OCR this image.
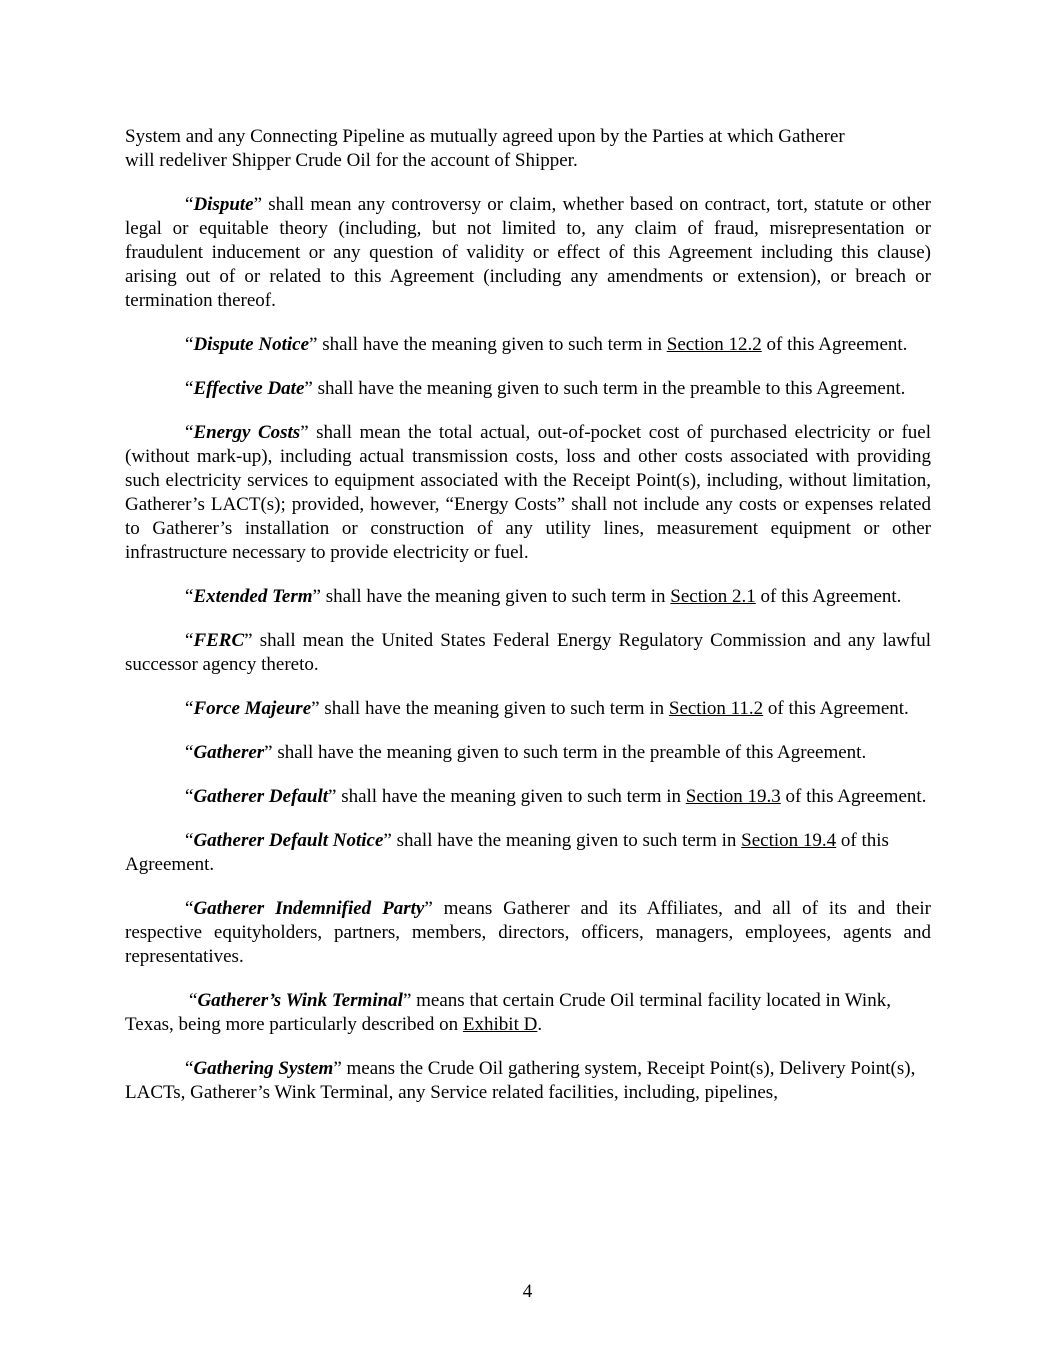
System and any Connecting Pipeline as mutually agreed upon by the Parties at which Gatherer
will redeliver Shipper Crude Oil for the account of Shipper.

“Dispute” shall mean any controversy or claim, whether based on contract, tort, statute or other legal or equitable theory (including, but not limited to, any claim of fraud, misrepresentation or fraudulent inducement or any question of validity or effect of this Agreement including this clause) arising out of or related to this Agreement (including any amendments or extension), or breach or termination thereof.

“Dispute Notice” shall have the meaning given to such term in Section 12.2 of this Agreement.

“Effective Date” shall have the meaning given to such term in the preamble to this Agreement.

“Energy Costs” shall mean the total actual, out-of-pocket cost of purchased electricity or fuel (without mark-up), including actual transmission costs, loss and other costs associated with providing such electricity services to equipment associated with the Receipt Point(s), including, without limitation, Gatherer’s LACT(s); provided, however, “Energy Costs” shall not include any costs or expenses related to Gatherer’s installation or construction of any utility lines, measurement equipment or other infrastructure necessary to provide electricity or fuel.

“Extended Term” shall have the meaning given to such term in Section 2.1 of this Agreement.

“FERC” shall mean the United States Federal Energy Regulatory Commission and any lawful successor agency thereto.

“Force Majeure” shall have the meaning given to such term in Section 11.2 of this Agreement.

“Gatherer” shall have the meaning given to such term in the preamble of this Agreement.

“Gatherer Default” shall have the meaning given to such term in Section 19.3 of this Agreement.

“Gatherer Default Notice” shall have the meaning given to such term in Section 19.4 of this Agreement.

“Gatherer Indemnified Party” means Gatherer and its Affiliates, and all of its and their respective equityholders, partners, members, directors, officers, managers, employees, agents and representatives.

“Gatherer’s Wink Terminal” means that certain Crude Oil terminal facility located in Wink, Texas, being more particularly described on Exhibit D.

“Gathering System” means the Crude Oil gathering system, Receipt Point(s), Delivery Point(s), LACTs, Gatherer’s Wink Terminal, any Service related facilities, including, pipelines,

4
